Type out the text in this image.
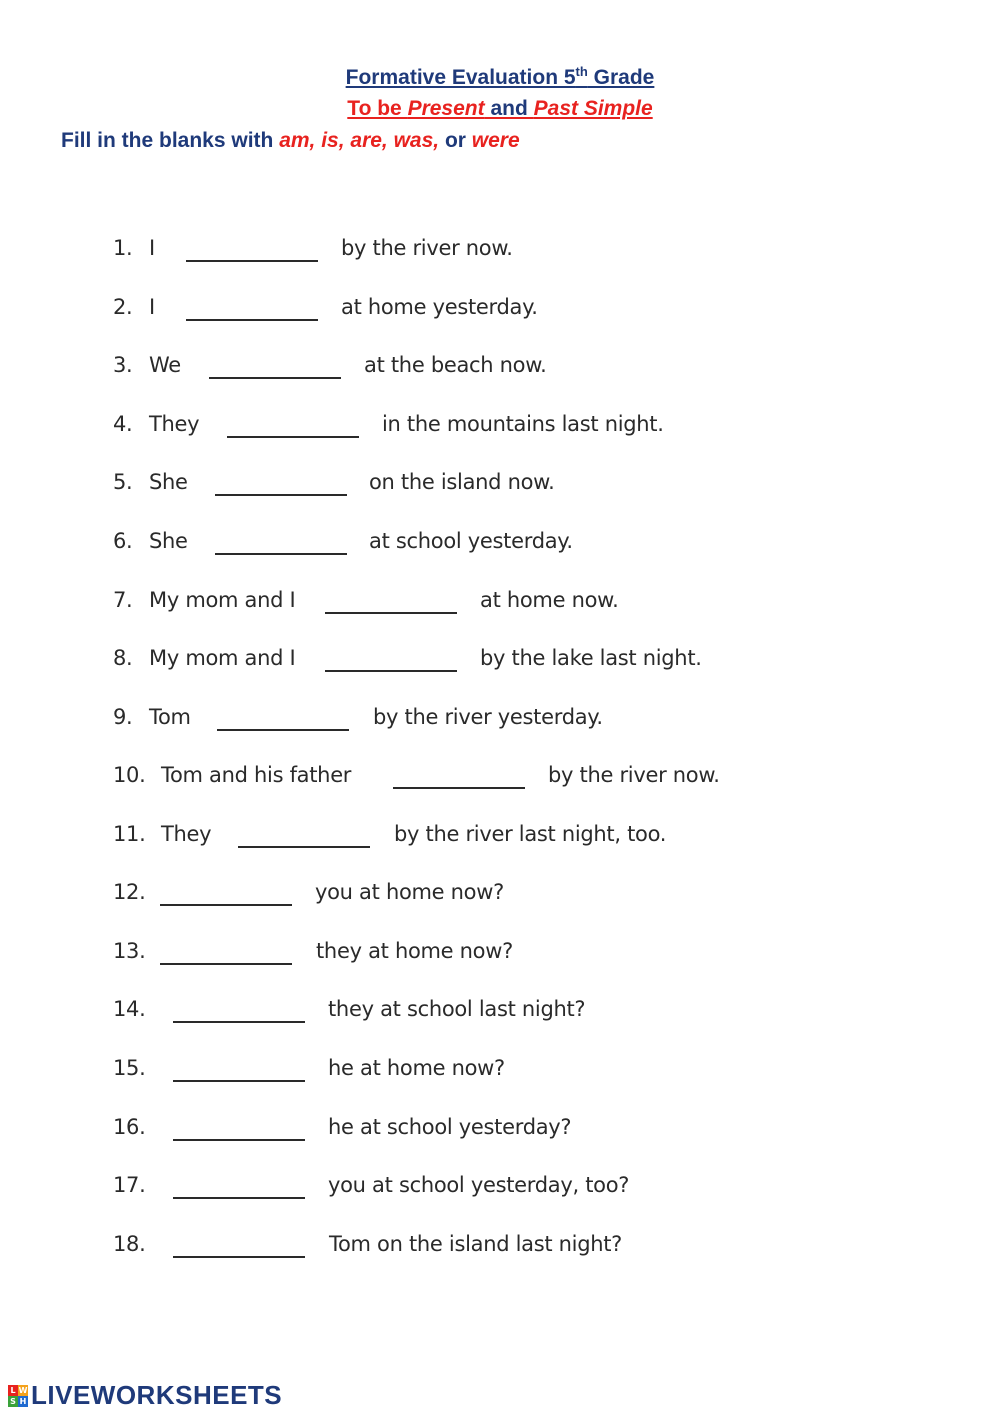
Formative Evaluation 5th Grade
To be Present and Past Simple
Fill in the blanks with am, is, are, was, or were
1. I	by the river now.
2. I	at home yesterday.
3. We	at the beach now.
4. They	in the mountains last night.
5. She	on the island now.
6. She	at school yesterday.
7. My mom and I	at home now.
8. My mom and I	by the lake last night.
9. Tom	by the river yesterday.
10. Tom and his father	by the river now.
11. They	by the river last night, too.
12.	you at home now?
13.	they at home now?
14.	they at school last night?
15.	he at home now?
16.	he at school yesterday?
17.	you at school yesterday, too?
18.	Tom on the island last night?
L W
S H LIVEWORKSHEETS
